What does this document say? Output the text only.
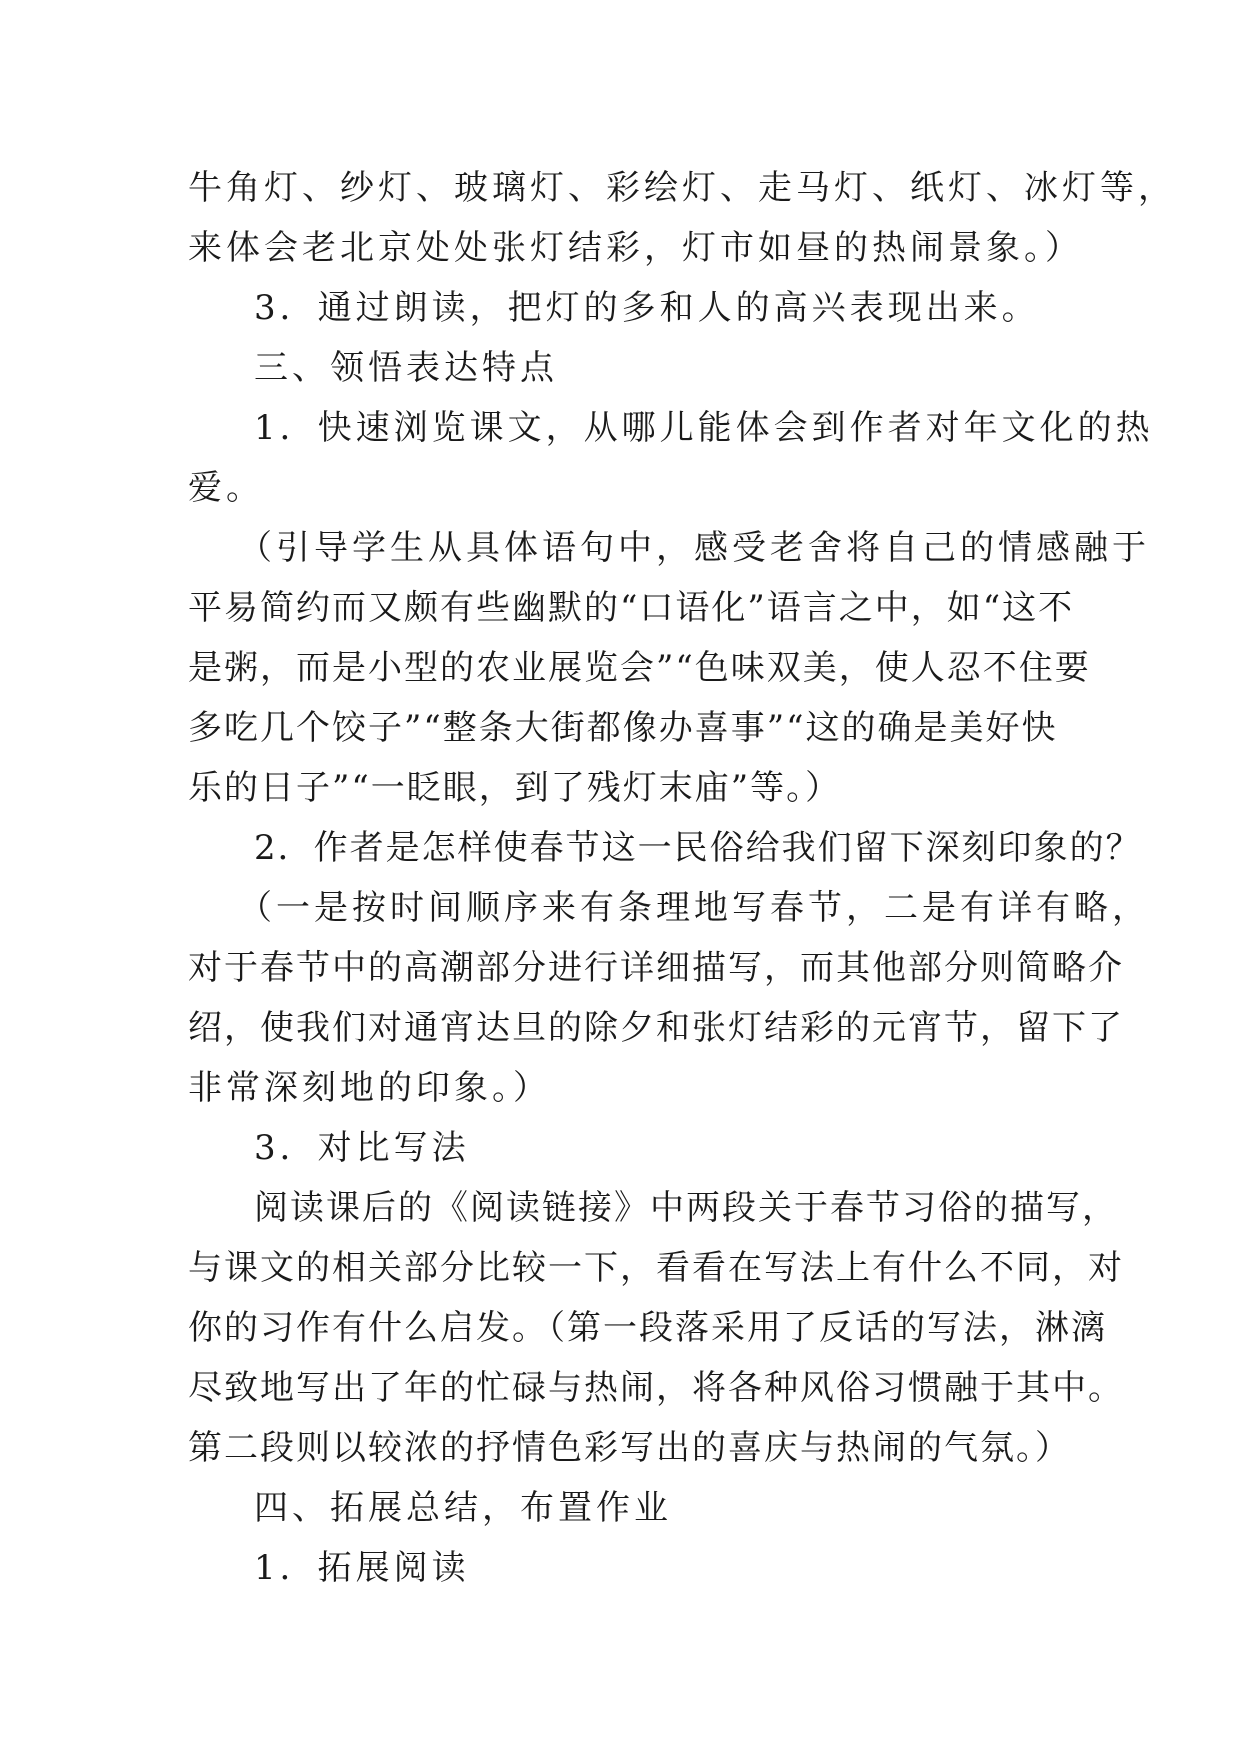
牛角灯、纱灯、玻璃灯、彩绘灯、走马灯、纸灯、冰灯等，
来体会老北京处处张灯结彩，灯市如昼的热闹景象。）
3．通过朗读，把灯的多和人的高兴表现出来。
三、领悟表达特点
1．快速浏览课文，从哪儿能体会到作者对年文化的热
爱。
（引导学生从具体语句中，感受老舍将自己的情感融于
平易简约而又颇有些幽默的“口语化”语言之中，如“这不
是粥，而是小型的农业展览会”“色味双美，使人忍不住要
多吃几个饺子”“整条大街都像办喜事”“这的确是美好快
乐的日子”“一眨眼，到了残灯末庙”等。）
2．作者是怎样使春节这一民俗给我们留下深刻印象的？
（一是按时间顺序来有条理地写春节，二是有详有略，
对于春节中的高潮部分进行详细描写，而其他部分则简略介
绍，使我们对通宵达旦的除夕和张灯结彩的元宵节，留下了
非常深刻地的印象。）
3．对比写法
阅读课后的《阅读链接》中两段关于春节习俗的描写，
与课文的相关部分比较一下，看看在写法上有什么不同，对
你的习作有什么启发。（第一段落采用了反话的写法，淋漓
尽致地写出了年的忙碌与热闹，将各种风俗习惯融于其中。
第二段则以较浓的抒情色彩写出的喜庆与热闹的气氛。）
四、拓展总结，布置作业
1．拓展阅读
